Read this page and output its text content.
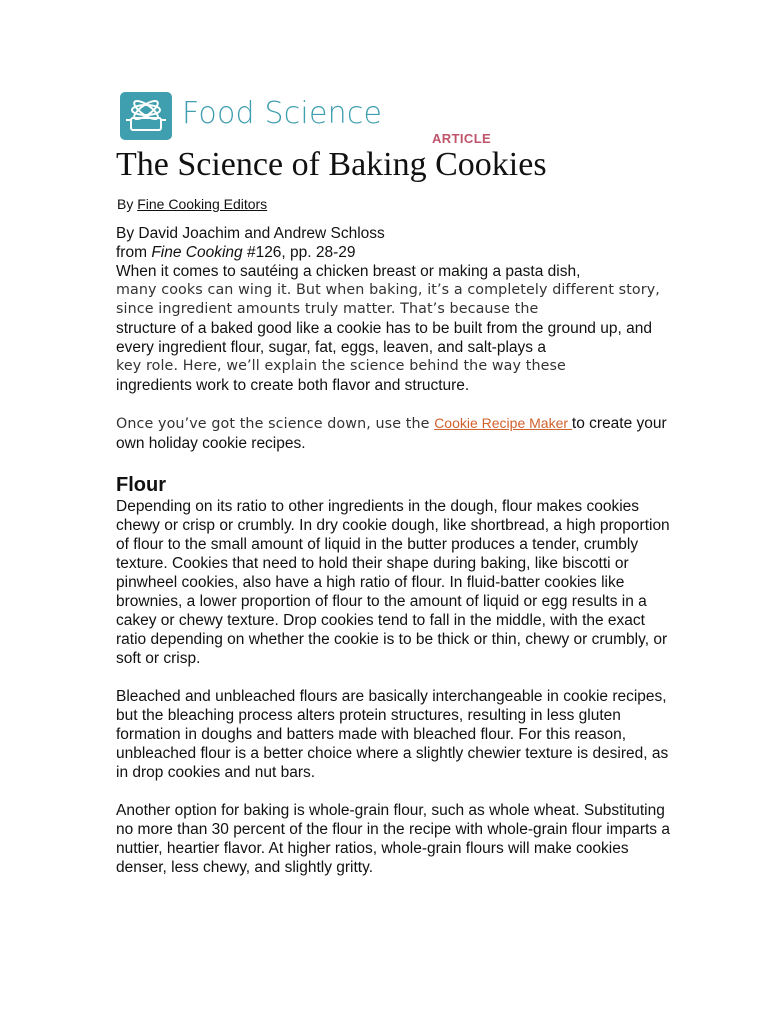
Food Science
ARTICLE
The Science of Baking Cookies
By Fine Cooking Editors

By David Joachim and Andrew Schloss

from Fine Cooking #126, pp. 28-29

When it comes to sautéing a chicken breast or making a pasta dish,

many cooks can wing it. But when baking, it’s a completely different story, since ingredient amounts truly matter. That’s because the

structure of a baked good like a cookie has to be built from the ground up, and every ingredient flour, sugar, fat, eggs, leaven, and salt-plays a

key role. Here, we’ll explain the science behind the way these

ingredients work to create both flavor and structure.

Once you’ve got the science down, use the Cookie Recipe Maker to create your own holiday cookie recipes.

Flour

Depending on its ratio to other ingredients in the dough, flour makes cookies chewy or crisp or crumbly. In dry cookie dough, like shortbread, a high proportion of flour to the small amount of liquid in the butter produces a tender, crumbly texture. Cookies that need to hold their shape during baking, like biscotti or pinwheel cookies, also have a high ratio of flour. In fluid-batter cookies like brownies, a lower proportion of flour to the amount of liquid or egg results in a cakey or chewy texture. Drop cookies tend to fall in the middle, with the exact ratio depending on whether the cookie is to be thick or thin, chewy or crumbly, or soft or crisp.

Bleached and unbleached flours are basically interchangeable in cookie recipes, but the bleaching process alters protein structures, resulting in less gluten formation in doughs and batters made with bleached flour. For this reason, unbleached flour is a better choice where a slightly chewier texture is desired, as in drop cookies and nut bars.

Another option for baking is whole-grain flour, such as whole wheat. Substituting no more than 30 percent of the flour in the recipe with whole-grain flour imparts a nuttier, heartier flavor. At higher ratios, whole-grain flours will make cookies denser, less chewy, and slightly gritty.
